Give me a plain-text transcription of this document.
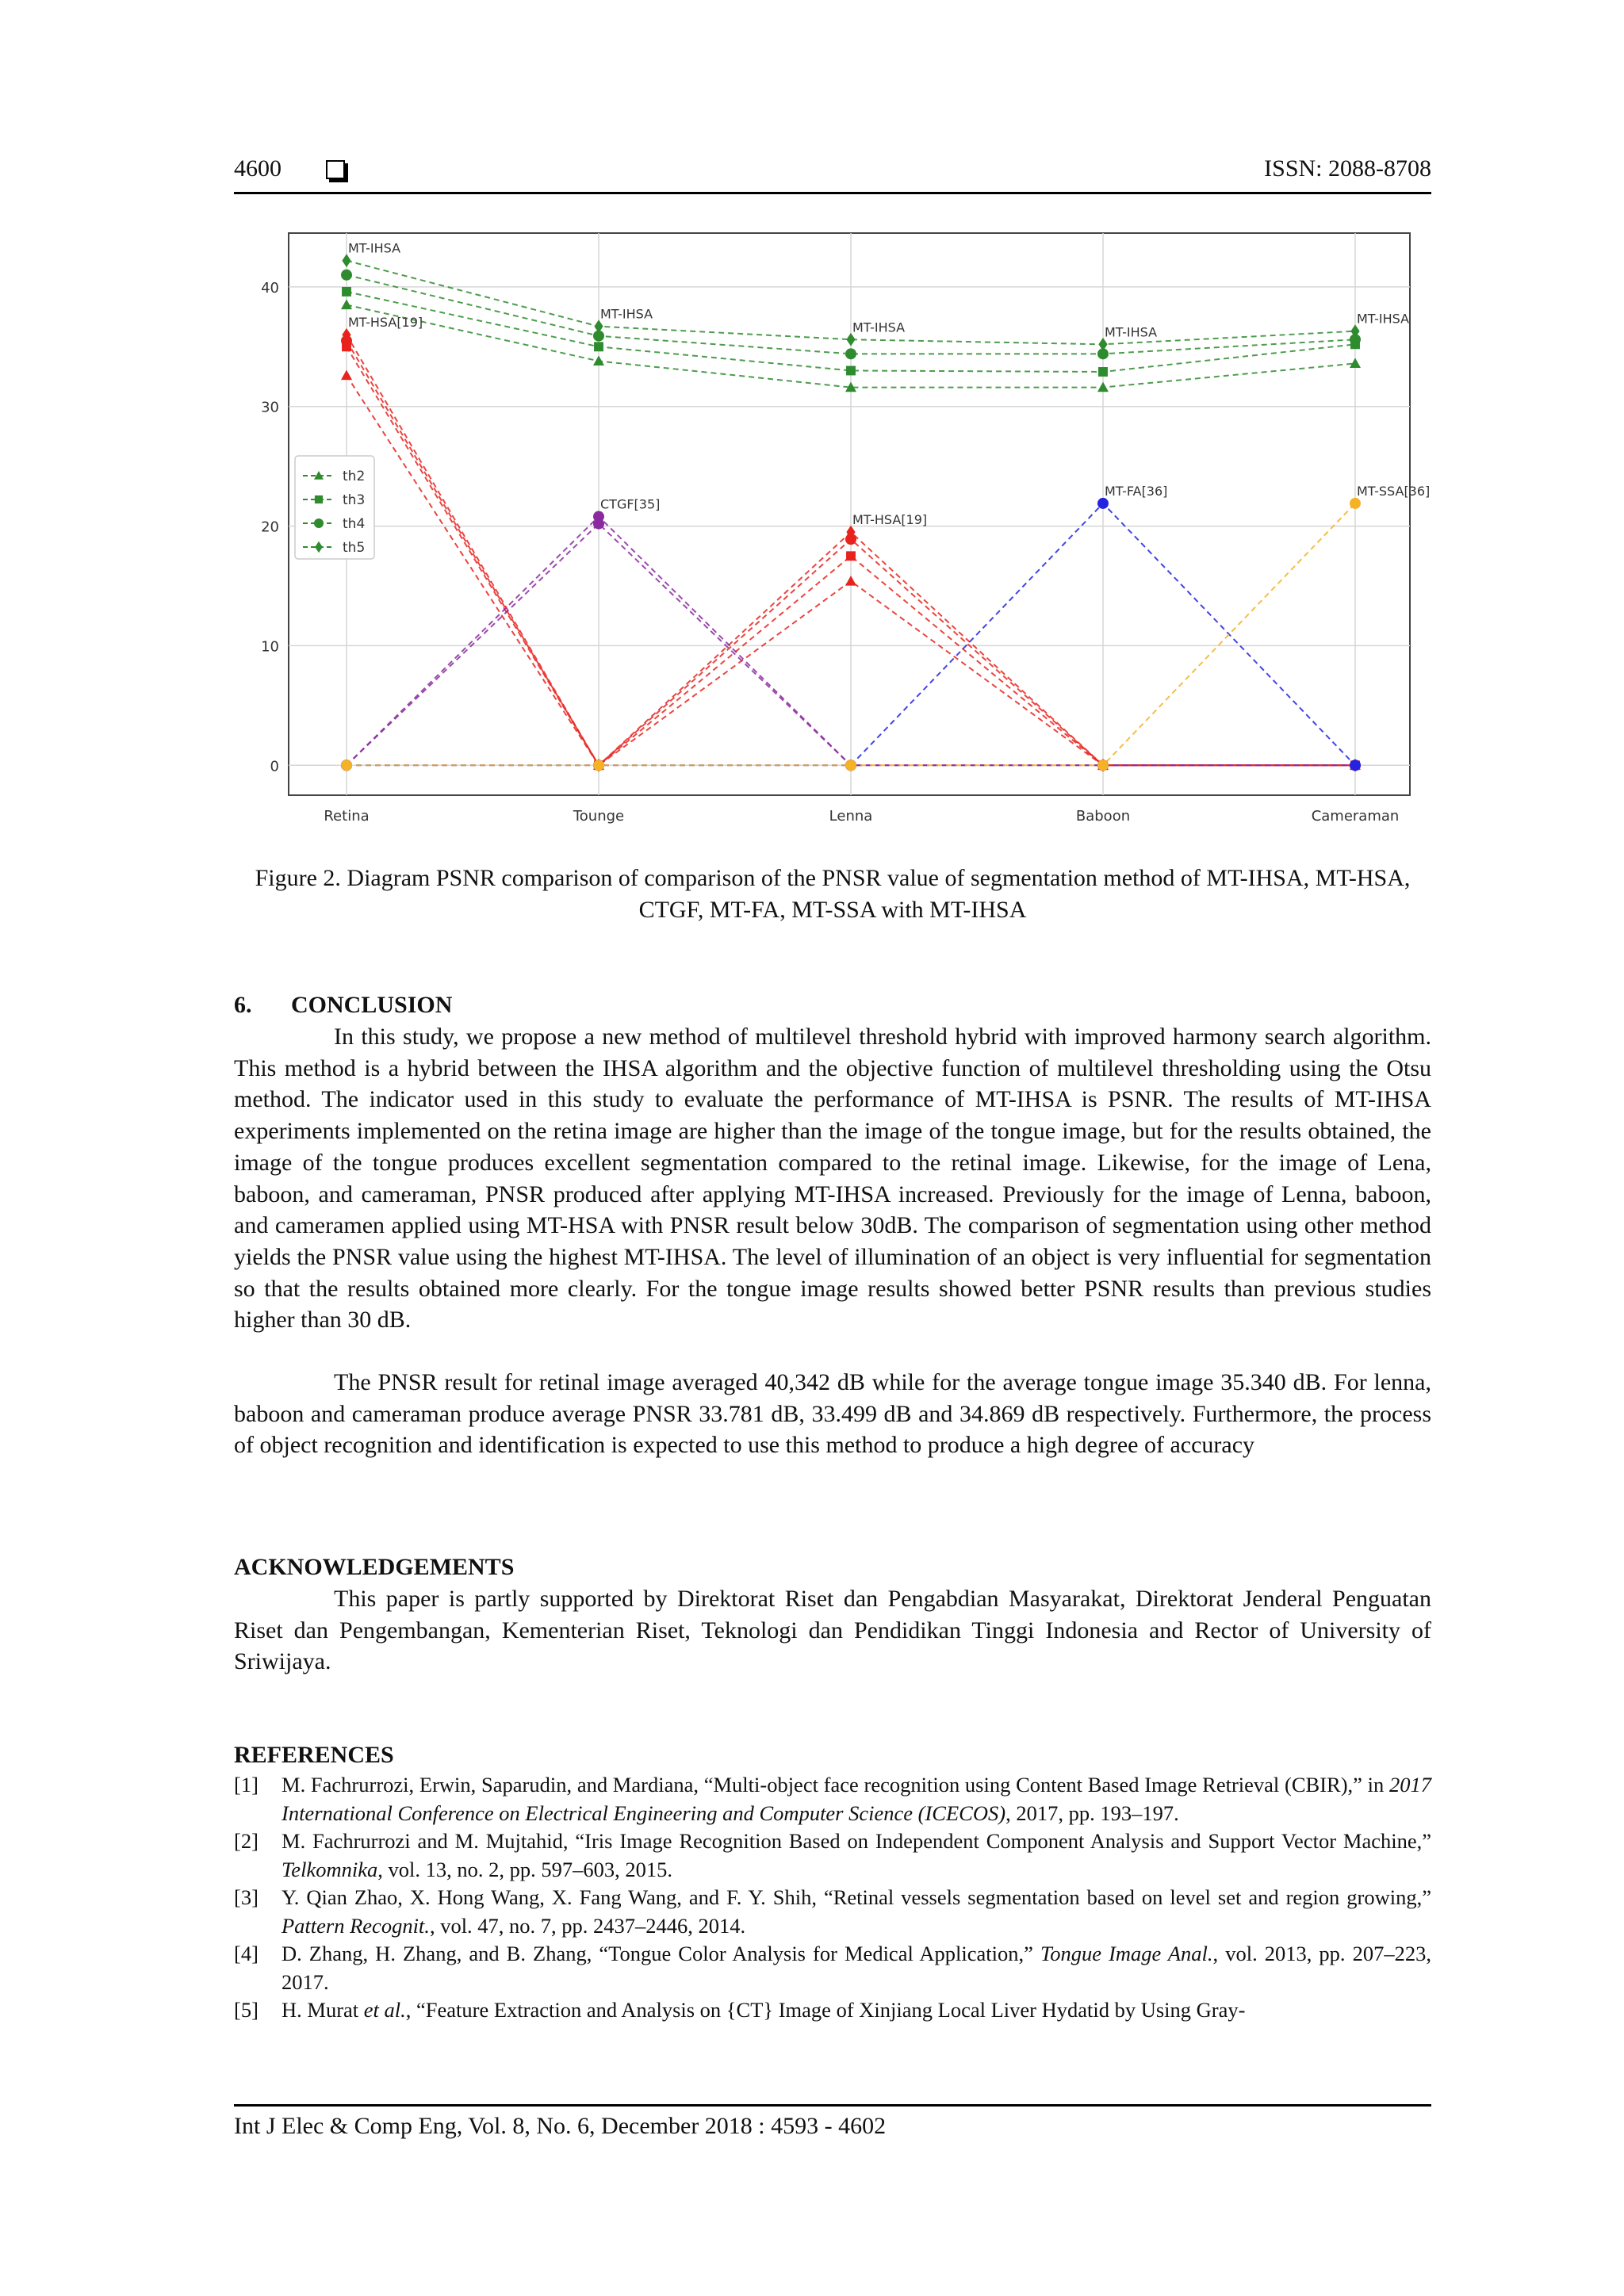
4600	ISSN: 2088-8708
0
10
20
30
40
Retina	Tounge	Lenna	Baboon	Cameraman
MT-IHSA
MT-HSA[19]
MT-IHSA
MT-IHSA	MT-IHSA
MT-IHSA
CTGF[35]
MT-HSA[19]
MT-FA[36]	MT-SSA[36]
th2
th3
th4
th5
Figure 2. Diagram PSNR comparison of comparison of the PNSR value of segmentation method of MT-IHSA, MT-HSA, CTGF, MT-FA, MT-SSA with MT-IHSA
6. CONCLUSION
In this study, we propose a new method of multilevel threshold hybrid with improved harmony search algorithm. This method is a hybrid between the IHSA algorithm and the objective function of multilevel thresholding using the Otsu method. The indicator used in this study to evaluate the performance of MT-IHSA is PSNR. The results of MT-IHSA experiments implemented on the retina image are higher than the image of the tongue image, but for the results obtained, the image of the tongue produces excellent segmentation compared to the retinal image. Likewise, for the image of Lena, baboon, and cameraman, PNSR produced after applying MT-IHSA increased. Previously for the image of Lenna, baboon, and cameramen applied using MT-HSA with PNSR result below 30dB. The comparison of segmentation using other method yields the PNSR value using the highest MT-IHSA. The level of illumination of an object is very influential for segmentation so that the results obtained more clearly. For the tongue image results showed better PSNR results than previous studies higher than 30 dB.
The PNSR result for retinal image averaged 40,342 dB while for the average tongue image 35.340 dB. For lenna, baboon and cameraman produce average PNSR 33.781 dB, 33.499 dB and 34.869 dB respectively. Furthermore, the process of object recognition and identification is expected to use this method to produce a high degree of accuracy
ACKNOWLEDGEMENTS
This paper is partly supported by Direktorat Riset dan Pengabdian Masyarakat, Direktorat Jenderal Penguatan Riset dan Pengembangan, Kementerian Riset, Teknologi dan Pendidikan Tinggi Indonesia and Rector of University of Sriwijaya.
REFERENCES
[1]	M. Fachrurrozi, Erwin, Saparudin, and Mardiana, “Multi-object face recognition using Content Based Image Retrieval (CBIR),” in 2017 International Conference on Electrical Engineering and Computer Science (ICECOS), 2017, pp. 193–197.
[2]	M. Fachrurrozi and M. Mujtahid, “Iris Image Recognition Based on Independent Component Analysis and Support Vector Machine,” Telkomnika, vol. 13, no. 2, pp. 597–603, 2015.
[3]	Y. Qian Zhao, X. Hong Wang, X. Fang Wang, and F. Y. Shih, “Retinal vessels segmentation based on level set and region growing,” Pattern Recognit., vol. 47, no. 7, pp. 2437–2446, 2014.
[4]	D. Zhang, H. Zhang, and B. Zhang, “Tongue Color Analysis for Medical Application,” Tongue Image Anal., vol. 2013, pp. 207–223, 2017.
[5]	H. Murat et al., “Feature Extraction and Analysis on {CT} Image of Xinjiang Local Liver Hydatid by Using Gray-
Int J Elec & Comp Eng, Vol. 8, No. 6, December 2018 : 4593 - 4602
